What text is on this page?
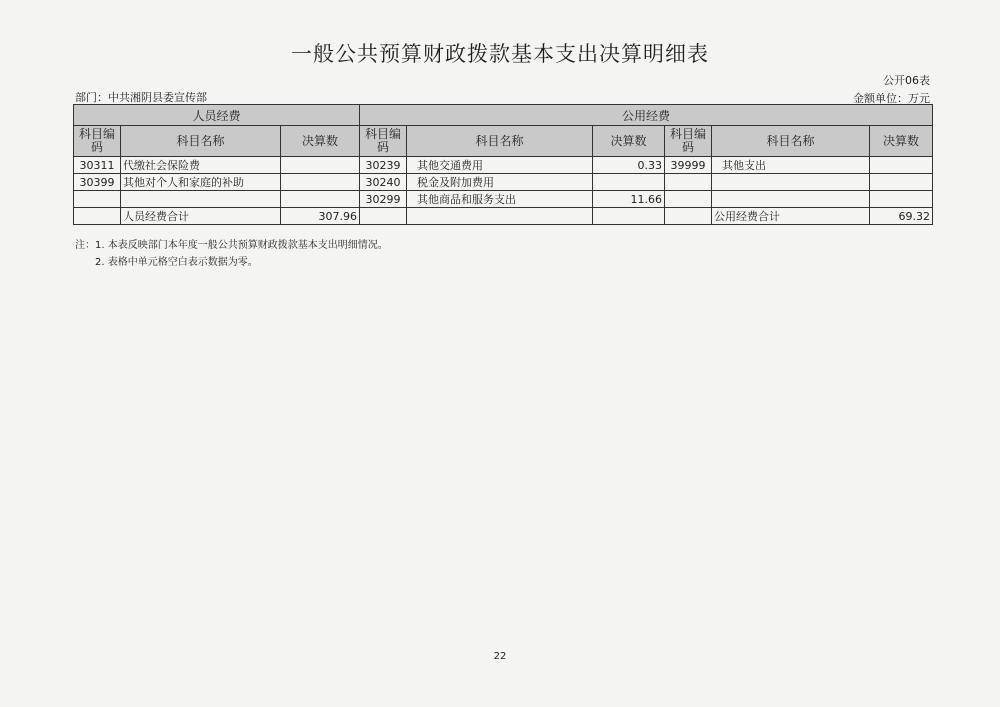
一般公共预算财政拨款基本支出决算明细表
公开06表
部门：中共湘阴县委宣传部	金额单位：万元
人员经费			公用经费					
科目编码	科目名称	决算数	科目编码	科目名称	决算数	科目编码	科目名称	决算数
30311	代缴社会保险费		30239	其他交通费用	0.33	39999	其他支出	
30399	其他对个人和家庭的补助		30240	税金及附加费用				
			30299	其他商品和服务支出	11.66			
	人员经费合计	307.96					公用经费合计	69.32
注：1. 本表反映部门本年度一般公共预算财政拨款基本支出明细情况。
2. 表格中单元格空白表示数据为零。
22
